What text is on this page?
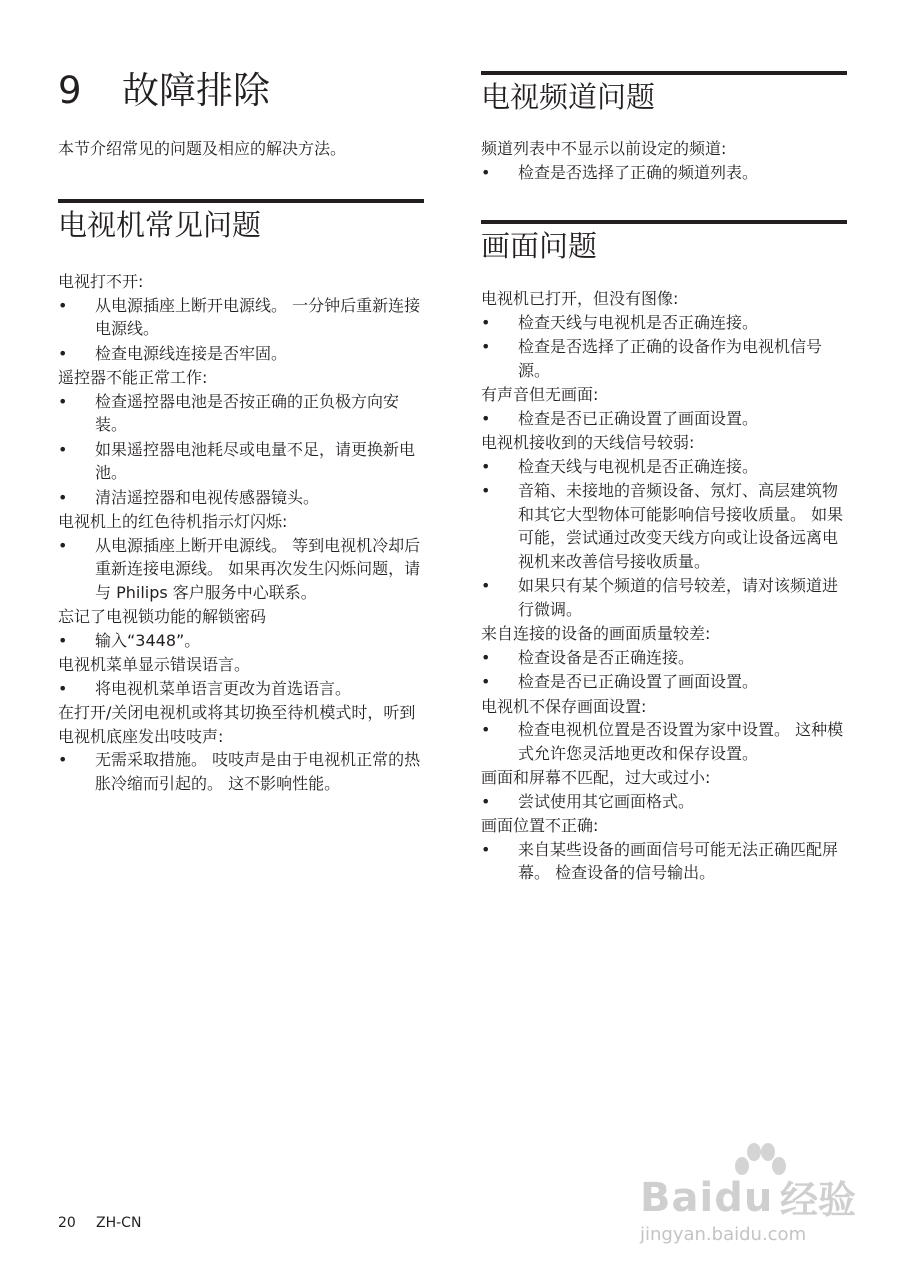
9 故障排除

本节介绍常见的问题及相应的解决方法。

电视机常见问题

电视打不开:

• 从电源插座上断开电源线。 一分钟后重新连接电源线。
• 检查电源线连接是否牢固。

遥控器不能正常工作:

• 检查遥控器电池是否按正确的正负极方向安装。
• 如果遥控器电池耗尽或电量不足，请更换新电池。
• 清洁遥控器和电视传感器镜头。

电视机上的红色待机指示灯闪烁:

• 从电源插座上断开电源线。 等到电视机冷却后重新连接电源线。 如果再次发生闪烁问题，请与 Philips 客户服务中心联系。

忘记了电视锁功能的解锁密码

• 输入“3448”。

电视机菜单显示错误语言。

• 将电视机菜单语言更改为首选语言。

在打开/关闭电视机或将其切换至待机模式时，听到电视机底座发出吱吱声:

• 无需采取措施。 吱吱声是由于电视机正常的热胀冷缩而引起的。 这不影响性能。
电视频道问题

频道列表中不显示以前设定的频道:

• 检查是否选择了正确的频道列表。
画面问题

电视机已打开，但没有图像:

• 检查天线与电视机是否正确连接。
• 检查是否选择了正确的设备作为电视机信号源。

有声音但无画面:

• 检查是否已正确设置了画面设置。

电视机接收到的天线信号较弱:

• 检查天线与电视机是否正确连接。
• 音箱、未接地的音频设备、氖灯、高层建筑物和其它大型物体可能影响信号接收质量。 如果可能，尝试通过改变天线方向或让设备远离电视机来改善信号接收质量。
• 如果只有某个频道的信号较差，请对该频道进行微调。

来自连接的设备的画面质量较差:

• 检查设备是否正确连接。
• 检查是否已正确设置了画面设置。

电视机不保存画面设置:

• 检查电视机位置是否设置为家中设置。 这种模式允许您灵活地更改和保存设置。

画面和屏幕不匹配，过大或过小:

• 尝试使用其它画面格式。

画面位置不正确:

• 来自某些设备的画面信号可能无法正确匹配屏幕。 检查设备的信号输出。
20 ZH-CN
Baidu 经验
jingyan.baidu.com
